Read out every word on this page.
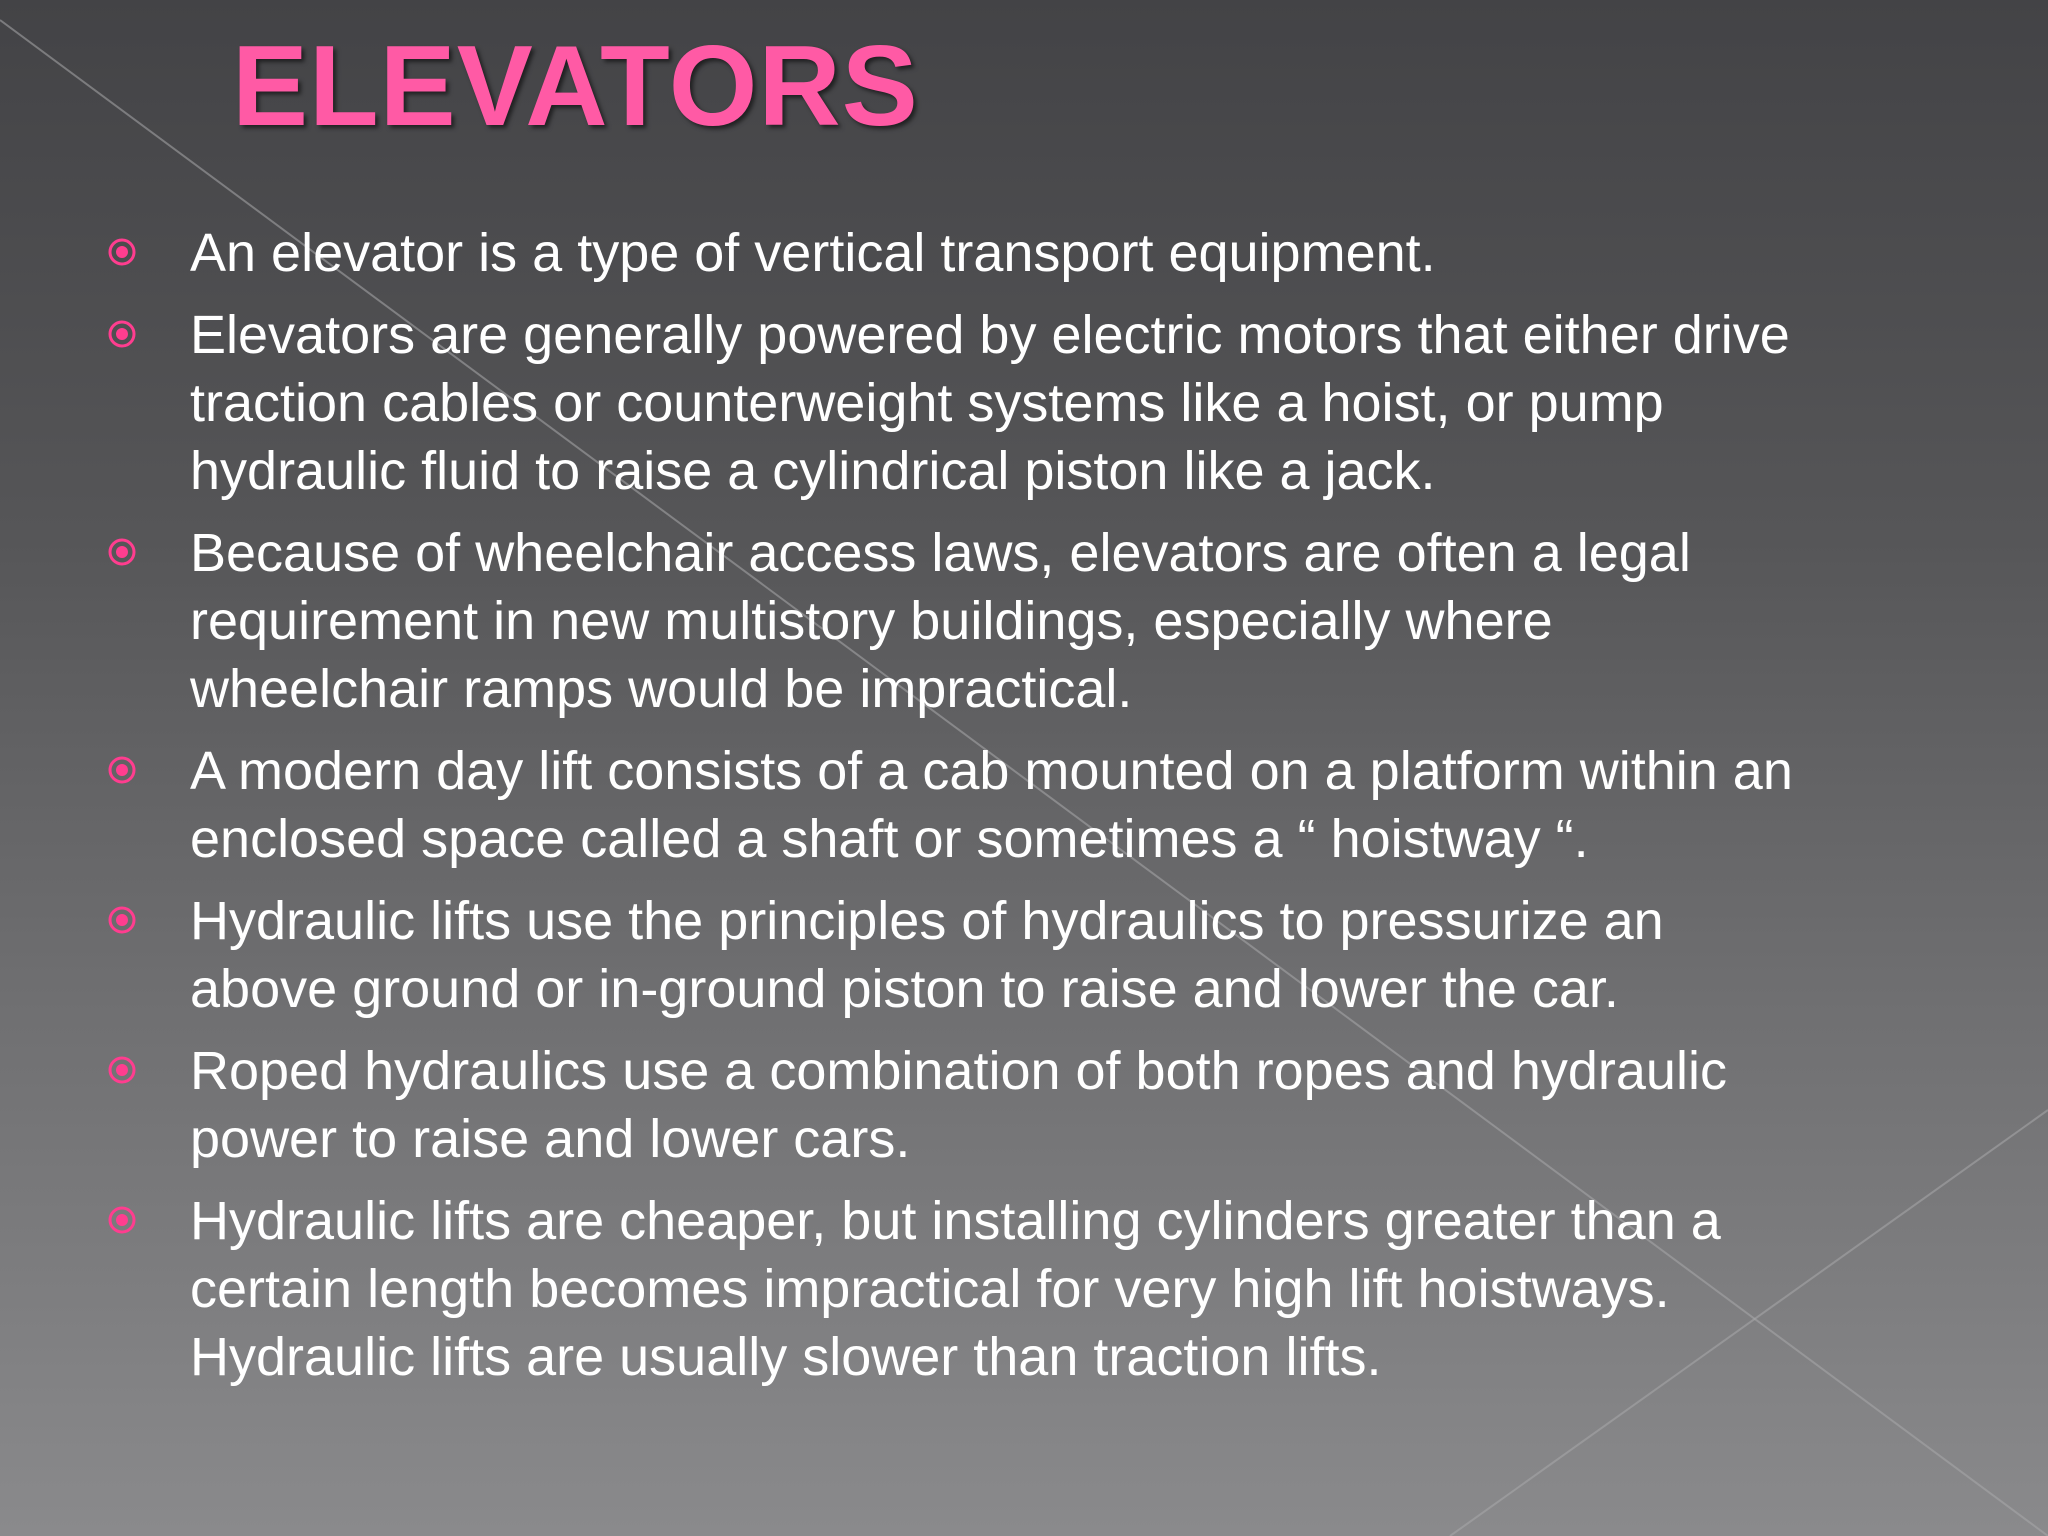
ELEVATORS
An elevator is a type of vertical transport equipment.
Elevators are generally powered by electric motors that either drive
traction cables or counterweight systems like a hoist, or pump
hydraulic fluid to raise a cylindrical piston like a jack.
Because of wheelchair access laws, elevators are often a legal
requirement in new multistory buildings, especially where
wheelchair ramps would be impractical.
A modern day lift consists of a cab mounted on a platform within an
enclosed space called a shaft or sometimes a “ hoistway “.
Hydraulic lifts use the principles of hydraulics to pressurize an
above ground or in-ground piston to raise and lower the car.
Roped hydraulics use a combination of both ropes and hydraulic
power to raise and lower cars.
Hydraulic lifts are cheaper, but installing cylinders greater than a
certain length becomes impractical for very high lift hoistways.
Hydraulic lifts are usually slower than traction lifts.
